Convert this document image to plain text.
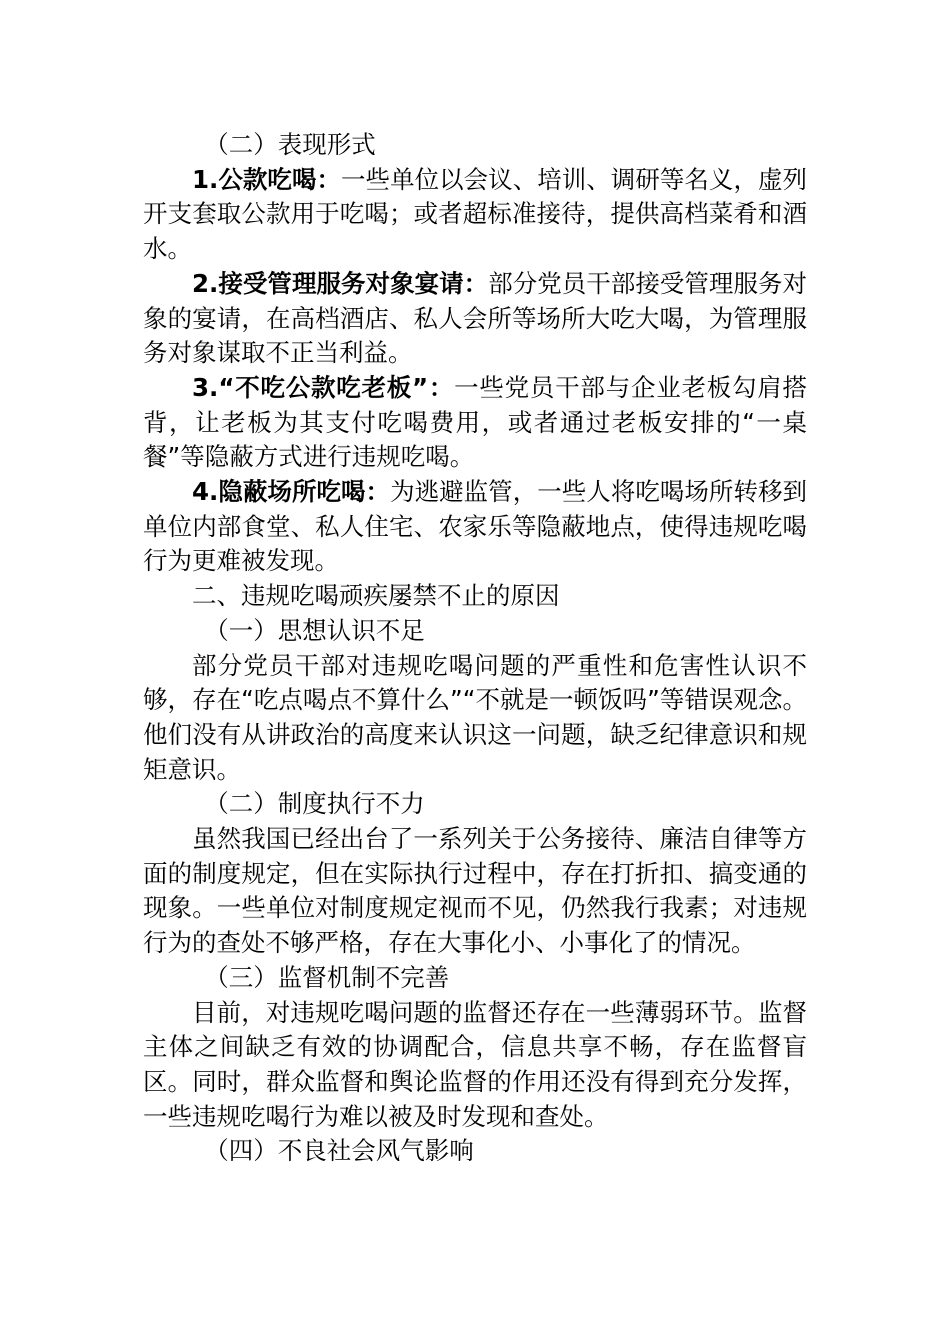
（二）表现形式

1.公款吃喝：一些单位以会议、培训、调研等名义，虚列开支套取公款用于吃喝；或者超标准接待，提供高档菜肴和酒水。

2.接受管理服务对象宴请：部分党员干部接受管理服务对象的宴请，在高档酒店、私人会所等场所大吃大喝，为管理服务对象谋取不正当利益。

3.“不吃公款吃老板”：一些党员干部与企业老板勾肩搭背，让老板为其支付吃喝费用，或者通过老板安排的“一桌餐”等隐蔽方式进行违规吃喝。

4.隐蔽场所吃喝：为逃避监管，一些人将吃喝场所转移到单位内部食堂、私人住宅、农家乐等隐蔽地点，使得违规吃喝行为更难被发现。

二、违规吃喝顽疾屡禁不止的原因

（一）思想认识不足

部分党员干部对违规吃喝问题的严重性和危害性认识不够，存在“吃点喝点不算什么”“不就是一顿饭吗”等错误观念。他们没有从讲政治的高度来认识这一问题，缺乏纪律意识和规矩意识。

（二）制度执行不力

虽然我国已经出台了一系列关于公务接待、廉洁自律等方面的制度规定，但在实际执行过程中，存在打折扣、搞变通的现象。一些单位对制度规定视而不见，仍然我行我素；对违规行为的查处不够严格，存在大事化小、小事化了的情况。

（三）监督机制不完善

目前，对违规吃喝问题的监督还存在一些薄弱环节。监督主体之间缺乏有效的协调配合，信息共享不畅，存在监督盲区。同时，群众监督和舆论监督的作用还没有得到充分发挥，一些违规吃喝行为难以被及时发现和查处。

（四）不良社会风气影响
